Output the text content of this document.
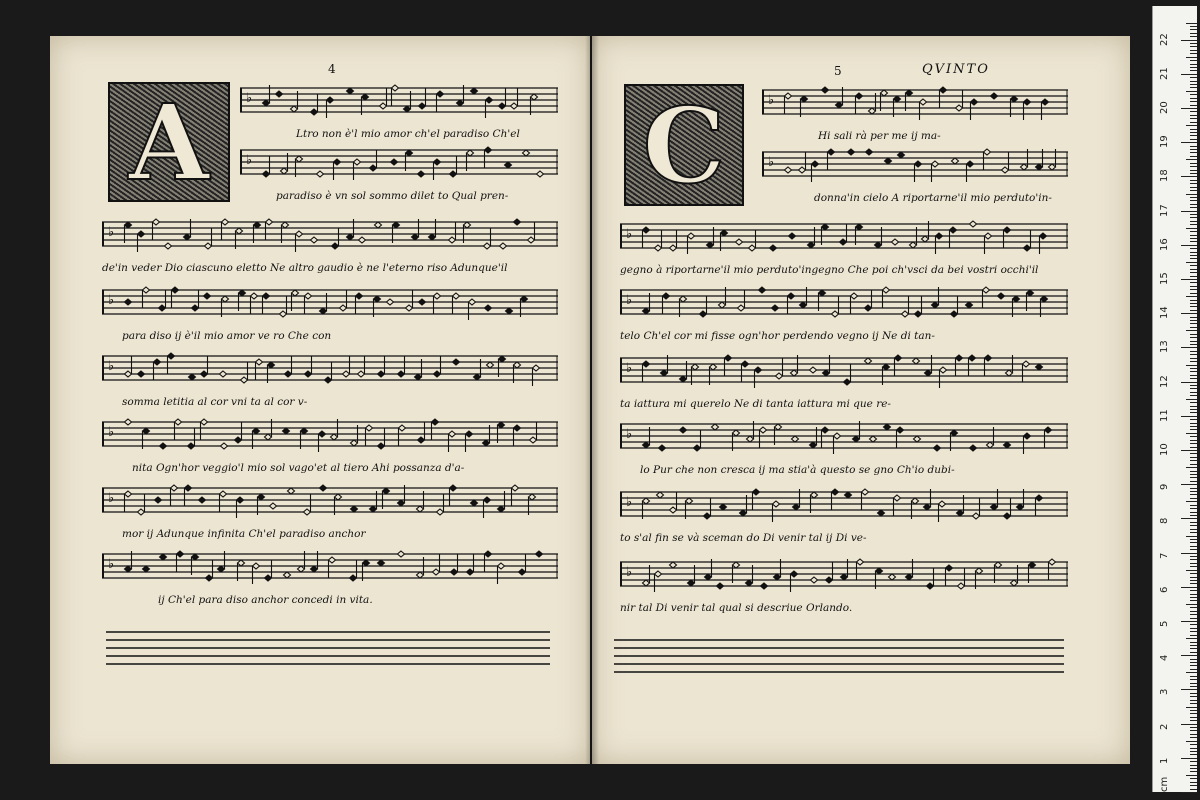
4
A	♭
Ltro non è'l mio amor ch'el paradiso Ch'el
♭
paradiso è vn sol sommo dilet to Qual pren-
♭
de'in veder Dio ciascuno eletto Ne altro gaudio è ne l'eterno riso Adunque'il
♭
para diso ij è'il mio amor ve ro Che con
♭
somma letitia al cor vni ta al cor v-
♭
nita Ogn'hor veggio'l mio sol vago'et al tiero Ahi possanza d'a-
♭
mor ij Adunque infinita Ch'el paradiso anchor
♭
ij Ch'el para diso anchor concedi in vita.
5	QVINTO
C	♭
Hi sali rà per me ij ma-
♭
donna'in cielo A riportarne'il mio perduto'in-
♭
gegno à riportarne'il mio perduto'ingegno Che poi ch'vsci da bei vostri occhi'il
♭
telo Ch'el cor mi fisse ogn'hor perdendo vegno ij Ne di tan-
♭
ta iattura mi querelo Ne di tanta iattura mi que re-
♭
lo Pur che non cresca ij ma stia'à questo se gno Ch'io dubi-
♭
to s'al fin se và sceman do Di venir tal ij Di ve-
♭
nir tal Di venir tal qual si descriue Orlando.
cm
1
2
3
4
5
6
7
8
9
10
11
12
13
14
15
16
17
18
19
20
21
22
